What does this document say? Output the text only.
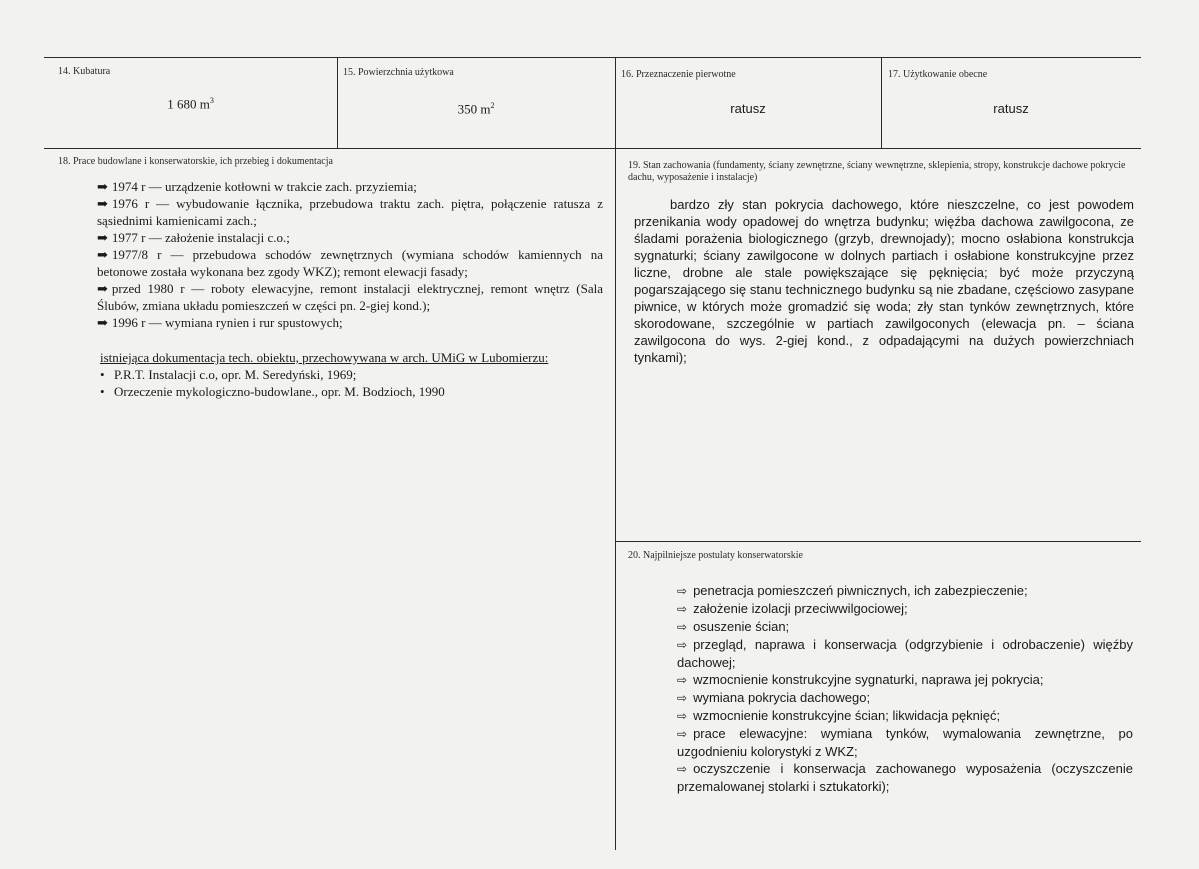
14. Kubatura
1 680 $m^3$
15. Powierzchnia użytkowa
350 $m^2$
16. Przeznaczenie pierwotne
ratusz
17. Użytkowanie obecne
ratusz
18. Prace budowlane i konserwatorskie, ich przebieg i dokumentacja
➡ 1974 r — urządzenie kotłowni w trakcie zach. przyziemia;
➡ 1976 r — wybudowanie łącznika, przebudowa traktu zach. piętra, połączenie ratusza z sąsiednimi kamienicami zach.;
➡ 1977 r — założenie instalacji c.o.;
➡ 1977/8 r — przebudowa schodów zewnętrznych (wymiana schodów kamiennych na betonowe została wykonana bez zgody WKZ); remont elewacji fasady;
➡ przed 1980 r — roboty elewacyjne, remont instalacji elektrycznej, remont wnętrz (Sala Ślubów, zmiana układu pomieszczeń w części pn. 2-giej kond.);
➡ 1996 r — wymiana rynien i rur spustowych;
istniejąca dokumentacja tech. obiektu, przechowywana w arch. UMiG w Lubomierzu:
• P.R.T. Instalacji c.o, opr. M. Seredyński, 1969;
• Orzeczenie mykologiczno-budowlane., opr. M. Bodzioch, 1990
19. Stan zachowania (fundamenty, ściany zewnętrzne, ściany wewnętrzne, sklepienia, stropy, konstrukcje dachowe pokrycie dachu, wyposażenie i instalacje)
bardzo zły stan pokrycia dachowego, które nieszczelne, co jest powodem przenikania wody opadowej do wnętrza budynku; więźba dachowa zawilgocona, ze śladami porażenia biologicznego (grzyb, drewnojady); mocno osłabiona konstrukcja sygnaturki; ściany zawilgocone w dolnych partiach i osłabione konstrukcyjne przez liczne, drobne ale stale powiększające się pęknięcia; być może przyczyną pogarszającego się stanu technicznego budynku są nie zbadane, częściowo zasypane piwnice, w których może gromadzić się woda; zły stan tynków zewnętrznych, które skorodowane, szczególnie w partiach zawilgoconych (elewacja pn. – ściana zawilgocona do wys. 2-giej kond., z odpadającymi na dużych powierzchniach tynkami);
20. Najpilniejsze postulaty konserwatorskie
⇨ penetracja pomieszczeń piwnicznych, ich zabezpieczenie;
⇨ założenie izolacji przeciwwilgociowej;
⇨ osuszenie ścian;
⇨ przegląd, naprawa i konserwacja (odgrzybienie i odrobaczenie) więźby dachowej;
⇨ wzmocnienie konstrukcyjne sygnaturki, naprawa jej pokrycia;
⇨ wymiana pokrycia dachowego;
⇨ wzmocnienie konstrukcyjne ścian; likwidacja pęknięć;
⇨ prace elewacyjne: wymiana tynków, wymalowania zewnętrzne, po uzgodnieniu kolorystyki z WKZ;
⇨ oczyszczenie i konserwacja zachowanego wyposażenia (oczyszczenie przemalowanej stolarki i sztukatorki);
